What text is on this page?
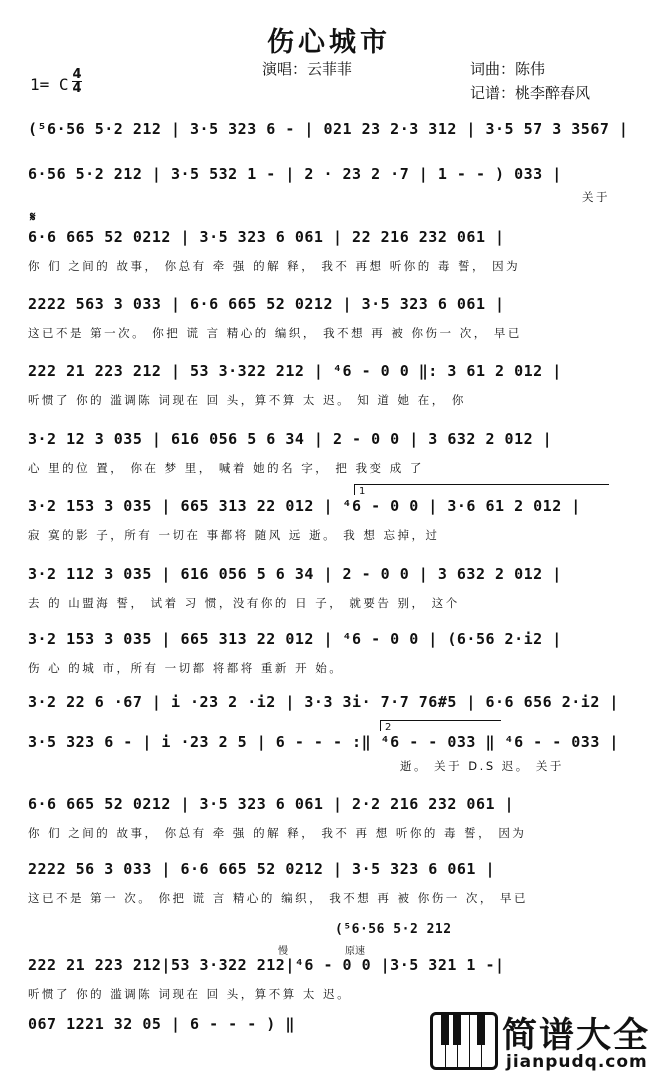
伤心城市
演唱：云菲菲	词曲：陈伟
记谱：桃李醉春风
1= C
4
4
𝄋
(⁵6·56 5·2 212 | 3·5 323 6 - | 021 23 2·3 312 | 3·5 57 3 3567 |
6·56 5·2 212 | 3·5 532 1 - | 2 · 23 2 ·7 | 1 - - ) 033 |
关于
6·6 665 52 0212 | 3·5 323 6 061 | 22 216 232 061 |
你 们 之间的 故事， 你总有 牵 强 的解 释， 我不 再想 听你的 毒 誓， 因为
2222 563 3 033 | 6·6 665 52 0212 | 3·5 323 6 061 |
这已不是 第一次。 你把 谎 言 精心的 编织， 我不想 再 被 你伤一 次， 早已
222 21 223 212 | 53 3·322 212 | ⁴6 - 0 0 ‖: 3 61 2 012 |
听惯了 你的 滥调陈 词现在 回 头，算不算 太 迟。 知 道 她 在， 你
3·2 12 3 035 | 616 056 5 6 34 | 2 - 0 0 | 3 632 2 012 |
心 里的位 置， 你在 梦 里， 喊着 她的名 字， 把 我变 成 了
1
3·2 153 3 035 | 665 313 22 012 | ⁴6 - 0 0 | 3·6 61 2 012 |
寂 寞的影 子，所有 一切在 事都将 随风 远 逝。 我 想 忘掉，过
3·2 112 3 035 | 616 056 5 6 34 | 2 - 0 0 | 3 632 2 012 |
去 的 山盟海 誓， 试着 习 惯，没有你的 日 子， 就要告 别， 这个
3·2 153 3 035 | 665 313 22 012 | ⁴6 - 0 0 | (6·56 2·i2 |
伤 心 的城 市，所有 一切都 将都将 重新 开 始。
3·2 22 6 ·67 | i ·23 2 ·i2 | 3·3 3i· 7·7 76#5 | 6·6 656 2·i2 |
2
3·5 323 6 - | i ·23 2 5 | 6 - - - :‖ ⁴6 - - 033 ‖ ⁴6 - - 033 |
逝。 关于 D.S 迟。 关于
6·6 665 52 0212 | 3·5 323 6 061 | 2·2 216 232 061 |
你 们 之间的 故事， 你总有 牵 强 的解 释， 我不 再 想 听你的 毒 誓， 因为
2222 56 3 033 | 6·6 665 52 0212 | 3·5 323 6 061 |
这已不是 第一 次。 你把 谎 言 精心的 编织， 我不想 再 被 你伤一 次， 早已
(⁵6·56 5·2 212
慢	原速
222 21 223 212|53 3·322 212|⁴6 - 0 0 |3·5 321 1 -|
听惯了 你的 滥调陈 词现在 回 头，算不算 太 迟。
067 1221 32 05 | 6 - - - ) ‖	简谱大全
jianpudq.com
